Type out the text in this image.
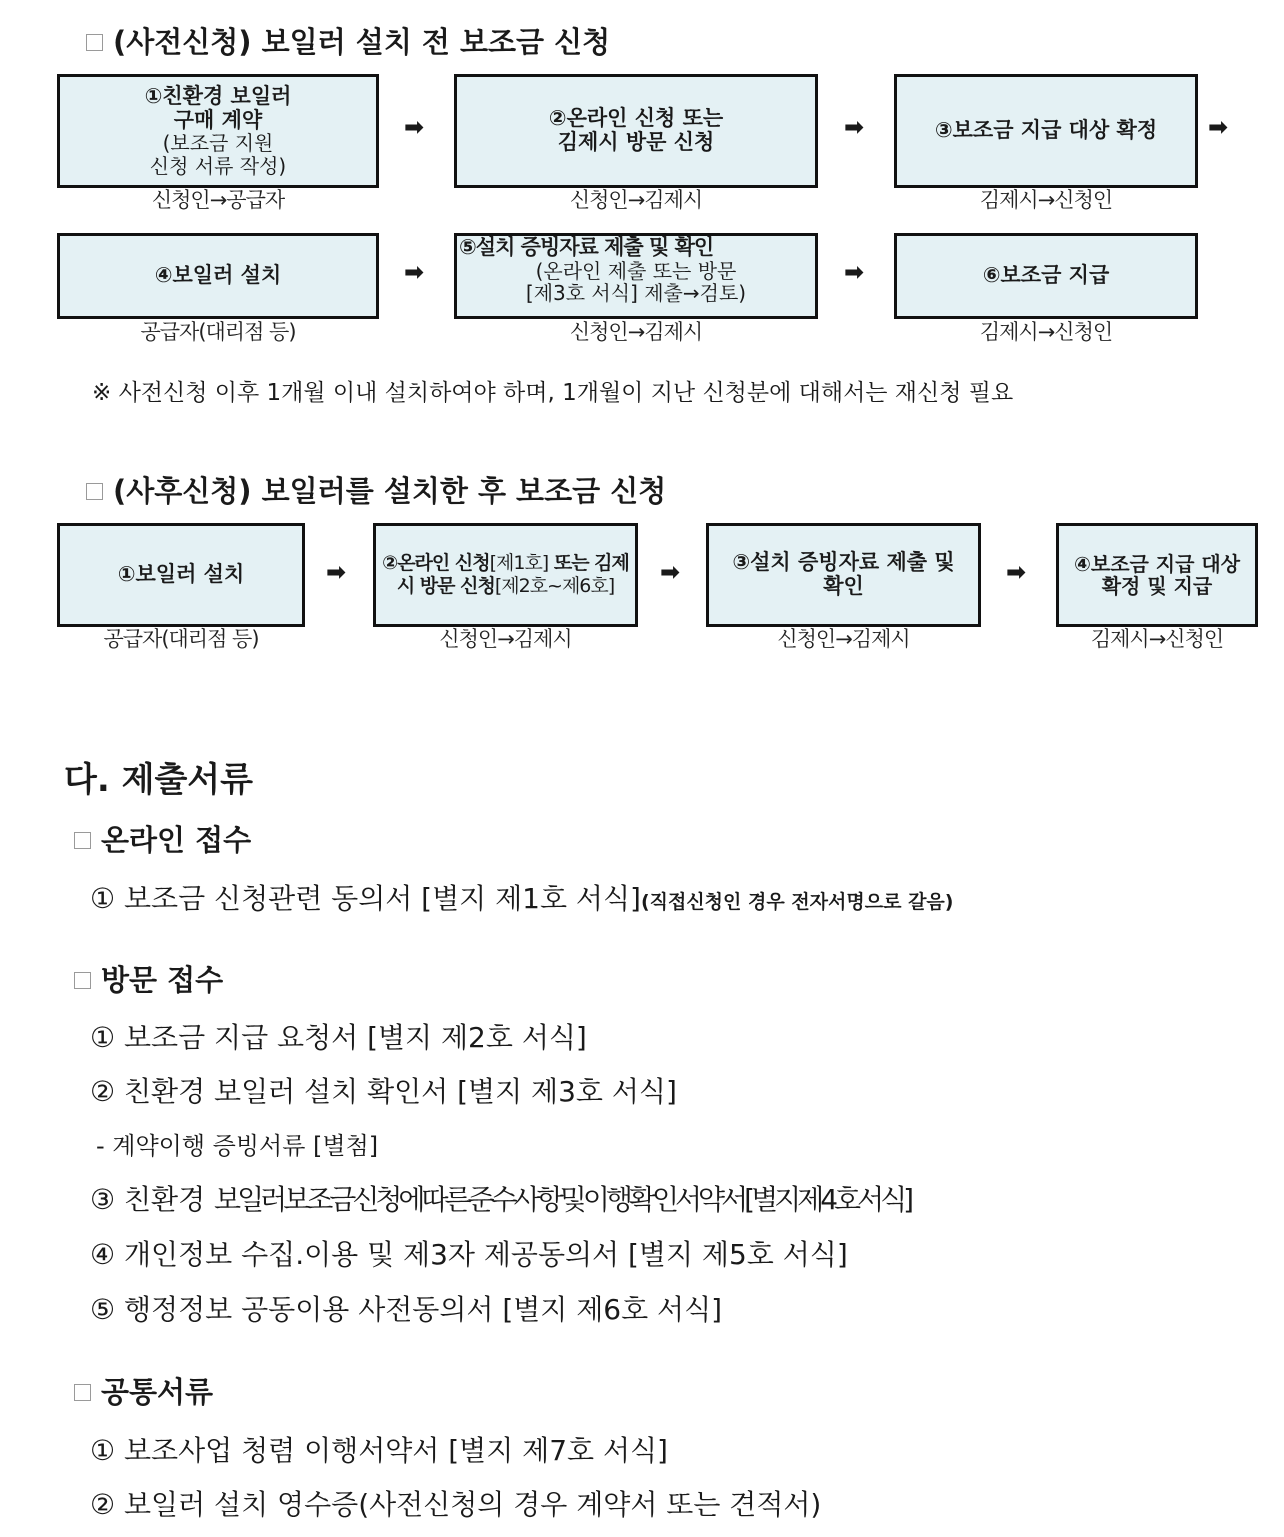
(사전신청) 보일러 설치 전 보조금 신청
①친환경 보일러
구매 계약
(보조금 지원
신청 서류 작성)
신청인→공급자
➡	②온라인 신청 또는
김제시 방문 신청
신청인→김제시
➡	③보조금 지급 대상 확정
김제시→신청인
➡
④보일러 설치
공급자(대리점 등)
➡
⑤설치 증빙자료 제출 및 확인
(온라인 제출 또는 방문
[제3호 서식] 제출→검토)
신청인→김제시
➡	⑥보조금 지급
김제시→신청인
※ 사전신청 이후 1개월 이내 설치하여야 하며, 1개월이 지난 신청분에 대해서는 재신청 필요
(사후신청) 보일러를 설치한 후 보조금 신청
①보일러 설치
공급자(대리점 등)
➡ ②온라인 신청[제1호] 또는 김제시 방문 신청[제2호~제6호]
신청인→김제시
➡ ③설치 증빙자료 제출 및
확인
신청인→김제시
➡ ④보조금 지급 대상
확정 및 지급
김제시→신청인
다. 제출서류
온라인 접수
① 보조금 신청관련 동의서 [별지 제1호 서식](직접신청인 경우 전자서명으로 갈음)
방문 접수
① 보조금 지급 요청서 [별지 제2호 서식]
② 친환경 보일러 설치 확인서 [별지 제3호 서식]
- 계약이행 증빙서류 [별첨]
③ 친환경 보일러보조금신청에따른준수사항및이행확인서약서[별지제4호서식]
④ 개인정보 수집.이용 및 제3자 제공동의서 [별지 제5호 서식]
⑤ 행정정보 공동이용 사전동의서 [별지 제6호 서식]
공통서류
① 보조사업 청렴 이행서약서 [별지 제7호 서식]
② 보일러 설치 영수증(사전신청의 경우 계약서 또는 견적서)
